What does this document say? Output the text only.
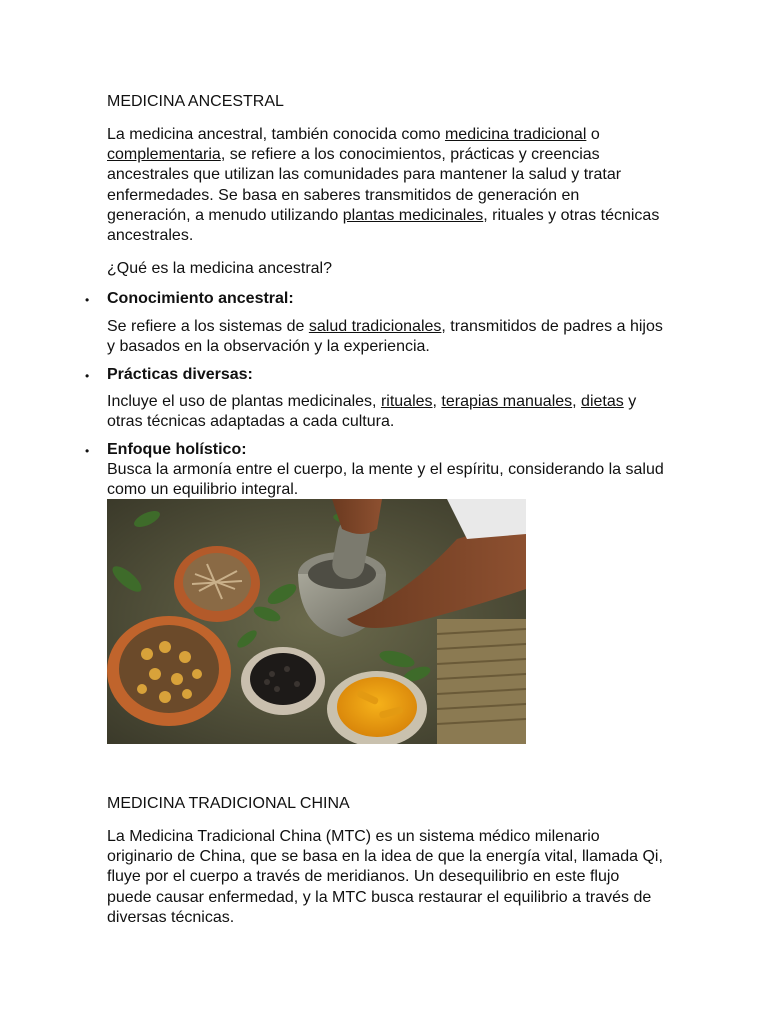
MEDICINA ANCESTRAL

La medicina ancestral, también conocida como medicina tradicional o complementaria, se refiere a los conocimientos, prácticas y creencias ancestrales que utilizan las comunidades para mantener la salud y tratar enfermedades. Se basa en saberes transmitidos de generación en generación, a menudo utilizando plantas medicinales, rituales y otras técnicas ancestrales.

¿Qué es la medicina ancestral?

• Conocimiento ancestral:

Se refiere a los sistemas de salud tradicionales, transmitidos de padres a hijos y basados en la observación y la experiencia.

• Prácticas diversas:

Incluye el uso de plantas medicinales, rituales, terapias manuales, dietas y otras técnicas adaptadas a cada cultura.

• Enfoque holístico:

Busca la armonía entre el cuerpo, la mente y el espíritu, considerando la salud como un equilibrio integral.

MEDICINA TRADICIONAL CHINA

La Medicina Tradicional China (MTC) es un sistema médico milenario originario de China, que se basa en la idea de que la energía vital, llamada Qi, fluye por el cuerpo a través de meridianos. Un desequilibrio en este flujo puede causar enfermedad, y la MTC busca restaurar el equilibrio a través de diversas técnicas.
